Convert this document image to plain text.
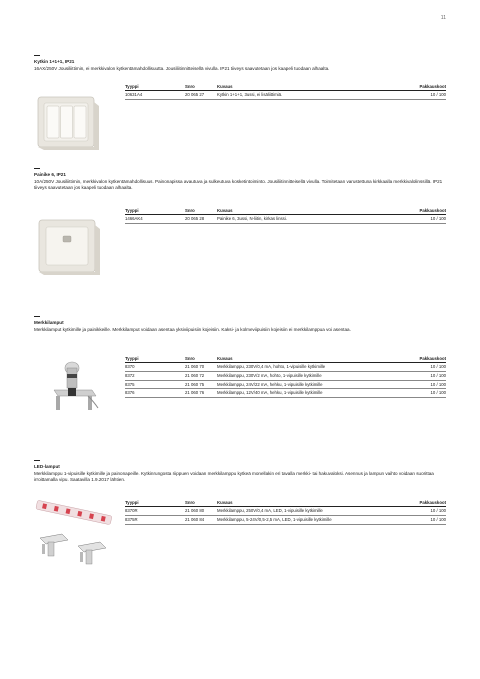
11

Kytkin 1+1+1, IP21

16AX/250V Jousiliittimin, ei merkkivalon kytkentämahdollisuutta. Jousiliitinnitteisellä vivulla. IP21 tiiveys saavutetaan jos kaapeli tuodaan alhaalta.

Tyyppi	Snro	Kuvaus	Pakkauskoot
10631A4	20 065 27	Kytkin 1+1+1, 3ussi, ei lisäliittimiä.	10 / 100

Painike 6, IP21

10A/250V Jousiliittimin, merkkivalon kytkentämahdollisuus. Painonapissa avautuva ja sulkeutuva kosketintoiminto. Jousiliitinnitteisellä vivulla. Toimitetaan varustettuna kirkkaalla merkkivalolinssillä. IP21 tiiveys saavutetaan jos kaapeli tuodaan alhaalta.

Tyyppi	Snro	Kuvaus	Pakkauskoot
1466AK4	20 065 28	Painike 6, 3ussi, N-liitin, kirkas linssi.	10 / 100

Merkkilamput

Merkkilamput kytkimille ja painikkeille. Merkkilamput voidaan asentaa yksiviipuisiin kojeisiin. Kaksi- ja kolmeviipuisiin kojeisiin ei merkkilamppua voi asentaa.

Tyyppi	Snro	Kuvaus	Pakkauskoot
8370	21 060 70	Merkkilamppu, 230V/0,4 mA, hohto, 1-vipuisille kytkimille	10 / 100
8372	21 060 72	Merkkilamppu, 230V/2 mA, hohto, 1-vipuisille kytkimille	10 / 100
8375	21 060 75	Merkkilamppu, 24V/22 mA, hehku, 1-vipuisille kytkimille	10 / 100
8376	21 060 76	Merkkilamppu, 12V/40 mA, hehku, 1-vipuisille kytkimille	10 / 100

LED-lamput

Merkkilamppu 1-vipuisille kytkimille ja painonapeille. Kytkinrungosta riippuen voidaan merkkilamppu kytkeä monellakin eri tavalla merkki- tai hakuvaloksi. Asennus ja lampun vaihto voidaan suorittaa irroittamalla vipu. Saatavilla 1.9.2017 lähtien.

Tyyppi	Snro	Kuvaus	Pakkauskoot
8370R	21 060 80	Merkkilamppu, 250V/0,4 mA, LED, 1-vipuisille kytkimille	10 / 100
8375R	21 060 84	Merkkilamppu, 5-24V/0,5-2,5 mA, LED, 1-vipuisille kytkimille	10 / 100
